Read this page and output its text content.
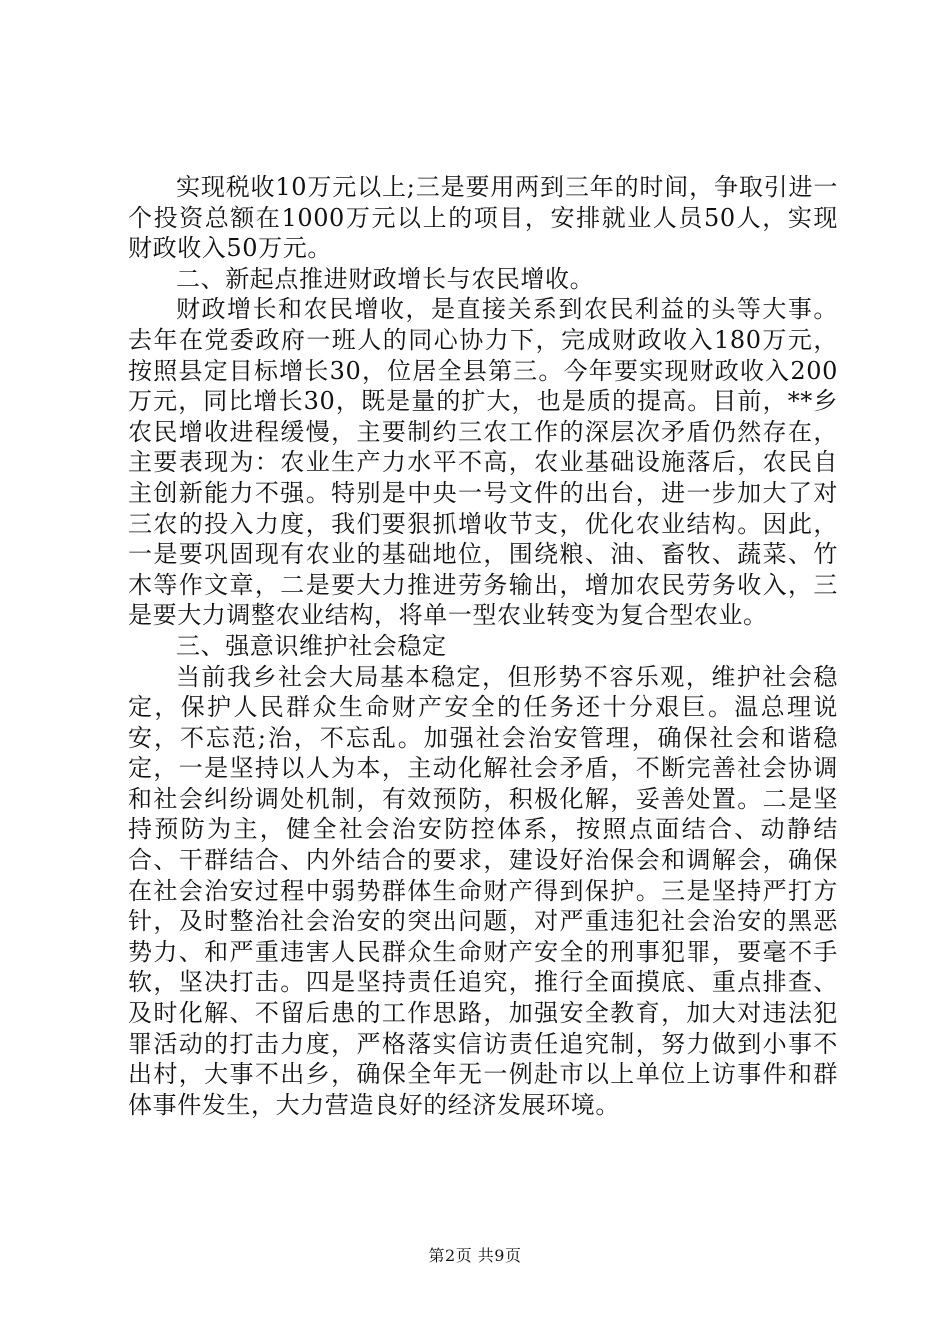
实现税收10万元以上;三是要用两到三年的时间，争取引进一个投资总额在1000万元以上的项目，安排就业人员50人，实现财政收入50万元。

二、新起点推进财政增长与农民增收。

财政增长和农民增收，是直接关系到农民利益的头等大事。去年在党委政府一班人的同心协力下，完成财政收入180万元，按照县定目标增长30，位居全县第三。今年要实现财政收入200万元，同比增长30，既是量的扩大，也是质的提高。目前，**乡农民增收进程缓慢，主要制约三农工作的深层次矛盾仍然存在，主要表现为：农业生产力水平不高，农业基础设施落后，农民自主创新能力不强。特别是中央一号文件的出台，进一步加大了对三农的投入力度，我们要狠抓增收节支，优化农业结构。因此，一是要巩固现有农业的基础地位，围绕粮、油、畜牧、蔬菜、竹木等作文章，二是要大力推进劳务输出，增加农民劳务收入，三是要大力调整农业结构，将单一型农业转变为复合型农业。

三、强意识维护社会稳定

当前我乡社会大局基本稳定，但形势不容乐观，维护社会稳定，保护人民群众生命财产安全的任务还十分艰巨。温总理说安，不忘范;治，不忘乱。加强社会治安管理，确保社会和谐稳定，一是坚持以人为本，主动化解社会矛盾，不断完善社会协调和社会纠纷调处机制，有效预防，积极化解，妥善处置。二是坚持预防为主，健全社会治安防控体系，按照点面结合、动静结合、干群结合、内外结合的要求，建设好治保会和调解会，确保在社会治安过程中弱势群体生命财产得到保护。三是坚持严打方针，及时整治社会治安的突出问题，对严重违犯社会治安的黑恶势力、和严重违害人民群众生命财产安全的刑事犯罪，要毫不手软，坚决打击。四是坚持责任追究，推行全面摸底、重点排查、及时化解、不留后患的工作思路，加强安全教育，加大对违法犯罪活动的打击力度，严格落实信访责任追究制，努力做到小事不出村，大事不出乡，确保全年无一例赴市以上单位上访事件和群体事件发生，大力营造良好的经济发展环境。

第2页 共9页
